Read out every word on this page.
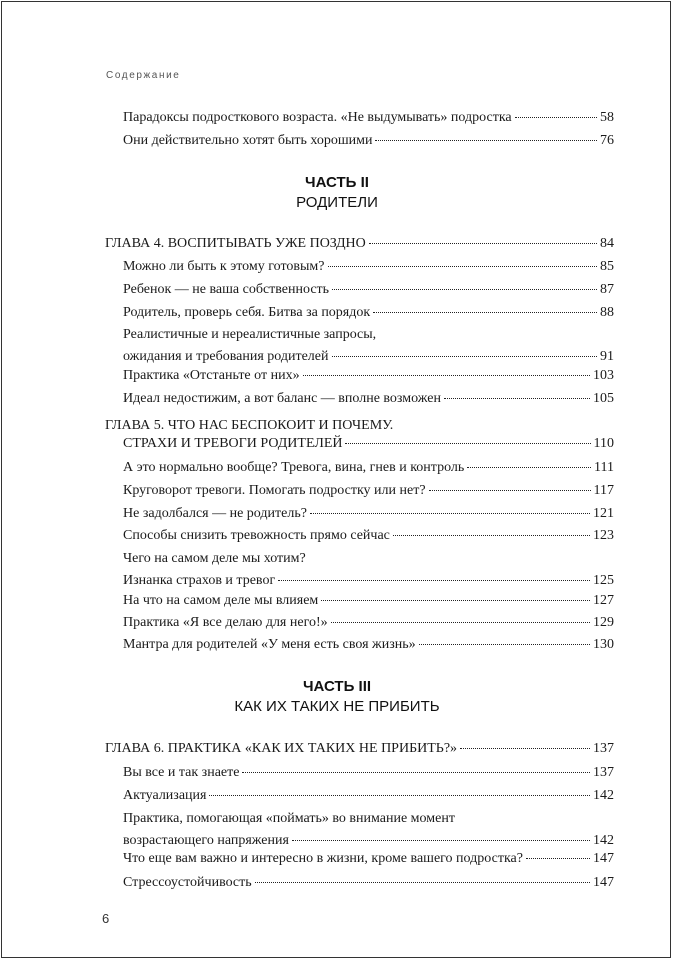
Содержание
Парадоксы подросткового возраста. «Не выдумывать» подростка	58
Они действительно хотят быть хорошими	76
ЧАСТЬ II
РОДИТЕЛИ
ГЛАВА 4. ВОСПИТЫВАТЬ УЖЕ ПОЗДНО	84
Можно ли быть к этому готовым?	85
Ребенок — не ваша собственность	87
Родитель, проверь себя. Битва за порядок	88
Реалистичные и нереалистичные запросы,
ожидания и требования родителей	91
Практика «Отстаньте от них»	103
Идеал недостижим, а вот баланс — вполне возможен	105
ГЛАВА 5. ЧТО НАС БЕСПОКОИТ И ПОЧЕМУ.
СТРАХИ И ТРЕВОГИ РОДИТЕЛЕЙ	110
А это нормально вообще? Тревога, вина, гнев и контроль	111
Круговорот тревоги. Помогать подростку или нет?	117
Не задолбался — не родитель?	121
Способы снизить тревожность прямо сейчас	123
Чего на самом деле мы хотим?
Изнанка страхов и тревог	125
На что на самом деле мы влияем	127
Практика «Я все делаю для него!»	129
Мантра для родителей «У меня есть своя жизнь»	130
ЧАСТЬ III
КАК ИХ ТАКИХ НЕ ПРИБИТЬ
ГЛАВА 6. ПРАКТИКА «КАК ИХ ТАКИХ НЕ ПРИБИТЬ?»	137
Вы все и так знаете	137
Актуализация	142
Практика, помогающая «поймать» во внимание момент
возрастающего напряжения	142
Что еще вам важно и интересно в жизни, кроме вашего подростка?	147
Стрессоустойчивость	147
6
